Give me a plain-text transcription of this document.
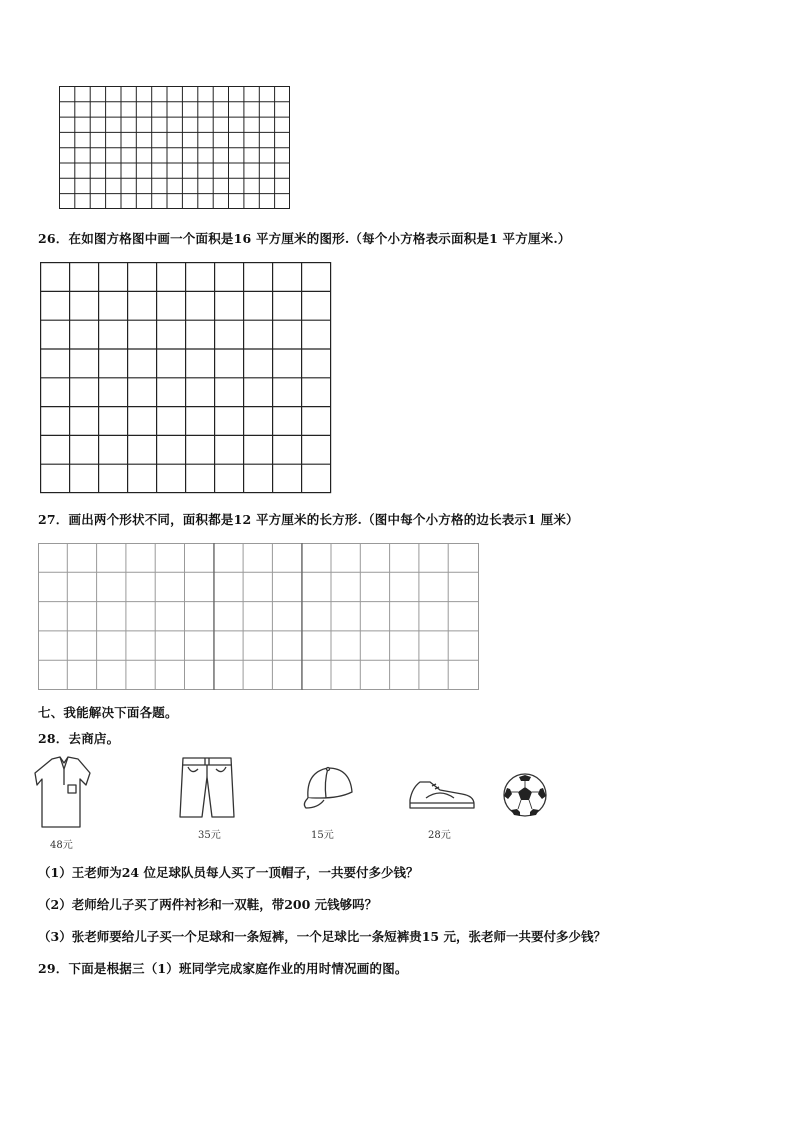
26．在如图方格图中画一个面积是16 平方厘米的图形.（每个小方格表示面积是1 平方厘米.）
27．画出两个形状不同，面积都是12 平方厘米的长方形.（图中每个小方格的边长表示1 厘米）
七、我能解决下面各题。
28．去商店。
48元
35元	15元	28元
（1）王老师为24 位足球队员每人买了一顶帽子，一共要付多少钱？
（2）老师给儿子买了两件衬衫和一双鞋，带200 元钱够吗？
（3）张老师要给儿子买一个足球和一条短裤，一个足球比一条短裤贵15 元，张老师一共要付多少钱？
29．下面是根据三（1）班同学完成家庭作业的用时情况画的图。
